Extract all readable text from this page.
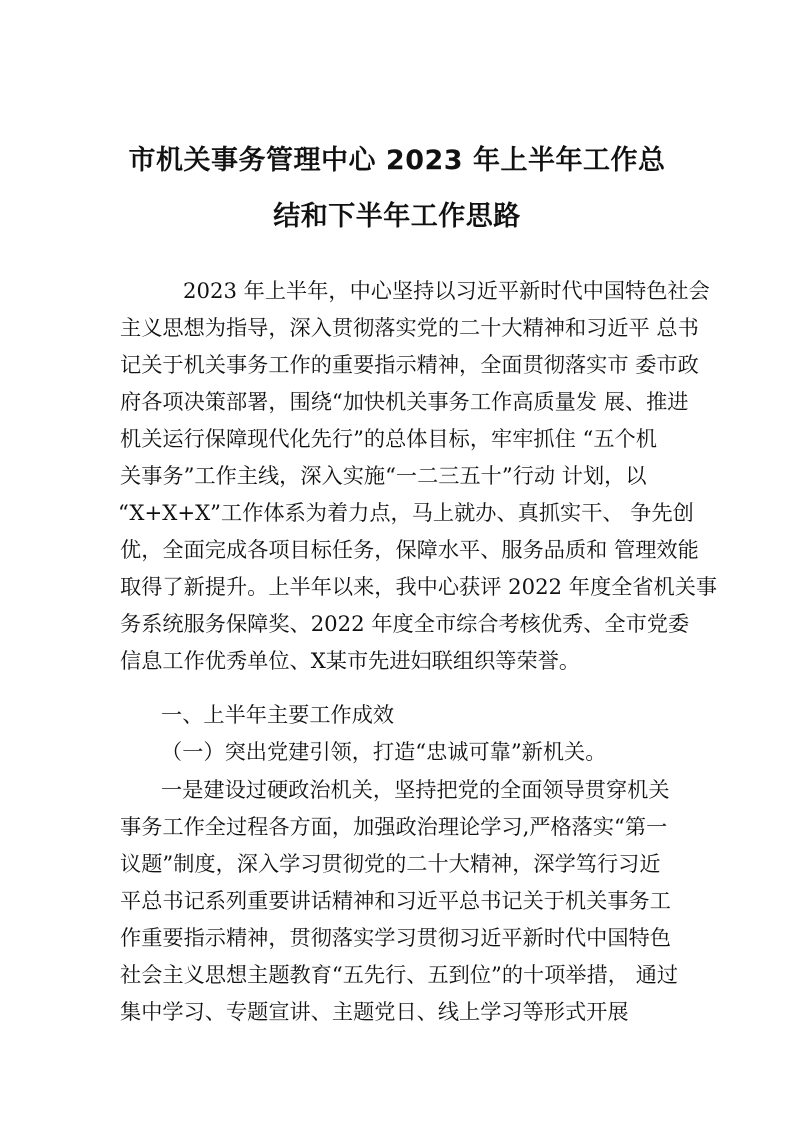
市机关事务管理中心 2023 年上半年工作总
结和下半年工作思路
2023 年上半年，中心坚持以习近平新时代中国特色社会
主义思想为指导，深入贯彻落实党的二十大精神和习近平 总书
记关于机关事务工作的重要指示精神，全面贯彻落实市 委市政
府各项决策部署，围绕“加快机关事务工作高质量发 展、推进
机关运行保障现代化先行”的总体目标，牢牢抓住 “五个机
关事务”工作主线，深入实施“一二三五十”行动 计划，以
“X+X+X”工作体系为着力点，马上就办、真抓实干、 争先创
优，全面完成各项目标任务，保障水平、服务品质和 管理效能
取得了新提升。上半年以来，我中心获评 2022 年度全省机关事
务系统服务保障奖、2022 年度全市综合考核优秀、全市党委
信息工作优秀单位、X某市先进妇联组织等荣誉。
一、上半年主要工作成效
（一）突出党建引领，打造“忠诚可靠”新机关。
一是建设过硬政治机关，坚持把党的全面领导贯穿机关
事务工作全过程各方面，加强政治理论学习,严格落实“第一
议题”制度，深入学习贯彻党的二十大精神，深学笃行习近
平总书记系列重要讲话精神和习近平总书记关于机关事务工
作重要指示精神，贯彻落实学习贯彻习近平新时代中国特色
社会主义思想主题教育“五先行、五到位”的十项举措， 通过
集中学习、专题宣讲、主题党日、线上学习等形式开展
